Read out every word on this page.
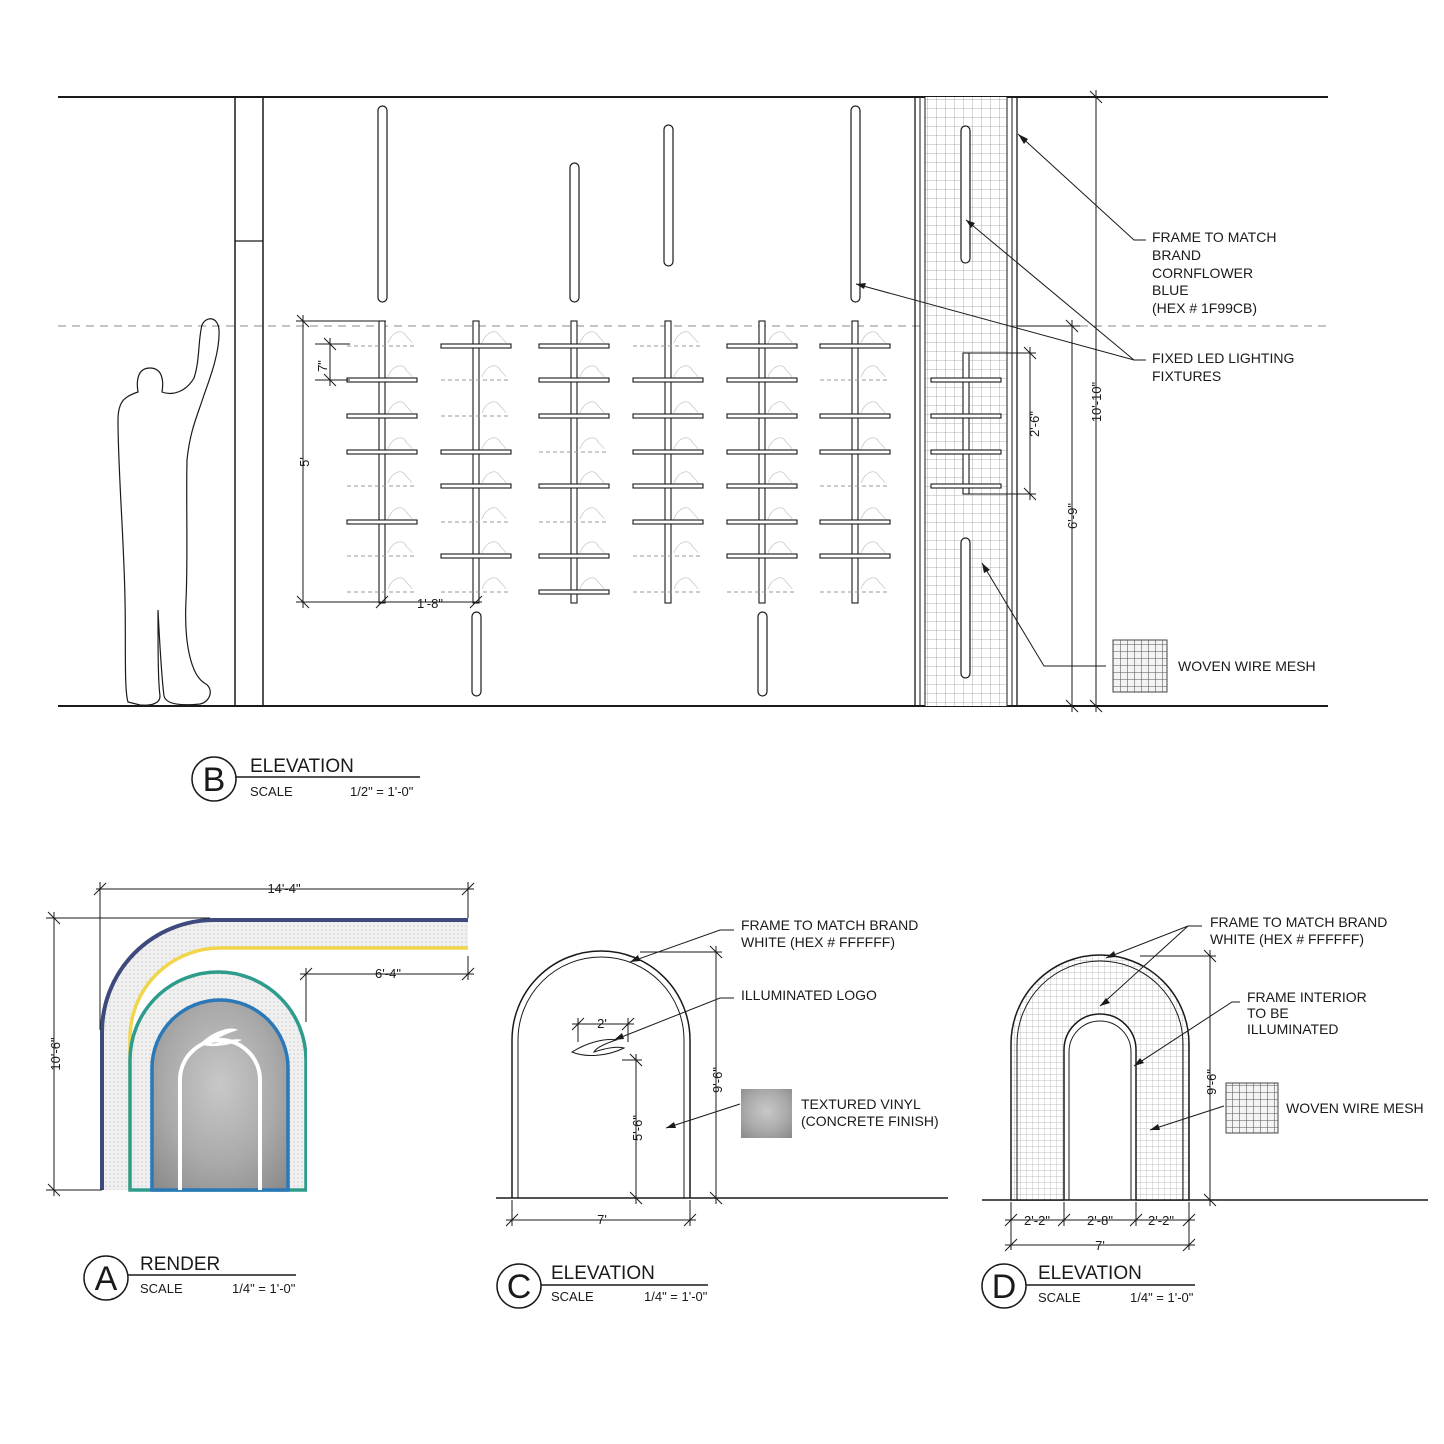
FRAME TO MATCH BRAND CORNFLOWER BLUE (HEX # 1F99CB)
FIXED LED LIGHTING FIXTURES
WOVEN WIRE MESH
10'-10"
6'-9"
2'-6"
5'
7"
1'-8"
B ELEVATION
SCALE	1/2" = 1'-0"
14'-4"
6'-4"
10'-6"
A RENDER
SCALE	1/4" = 1'-0"
FRAME TO MATCH BRAND WHITE (HEX # FFFFFF)
ILLUMINATED LOGO
TEXTURED VINYL (CONCRETE FINISH)
2'
9'-6"
5'-6"
7'
C ELEVATION
SCALE	1/4" = 1'-0"
FRAME TO MATCH BRAND WHITE (HEX # FFFFFF)
FRAME INTERIOR TO BE ILLUMINATED
WOVEN WIRE MESH
9'-6"
2'-2"	2'-8"	2'-2"
7'
D ELEVATION
SCALE	1/4" = 1'-0"
